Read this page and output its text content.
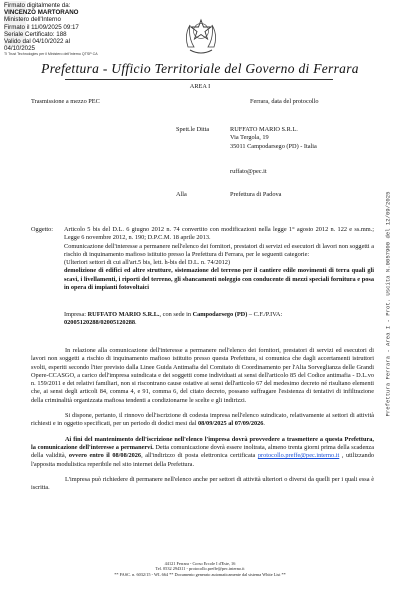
Firmato digitalmente da:
VINCENZO MARTORANO
Ministero dell'Interno
Firmato il 11/09/2025 09:17
Seriale Certificato: 188
Valido dal 04/10/2022 al 04/10/2025
TI Trust Technologies per il Ministero dell'Interno QTSP CA
Prefettura - Ufficio Territoriale del Governo di Ferrara
AREA I
Trasmissione a mezzo PEC	Ferrara, data del protocollo
Spett.le Ditta	RUFFATO MARIO S.R.L.
Via Tergola, 19
35011 Campodarsego (PD) - Italia
ruffato@pec.it
Alla	Prefettura di Padova
Oggetto: Articolo 5 bis del D.L. 6 giugno 2012 n. 74 convertito con modificazioni nella legge 1° agosto 2012 n. 122 e ss.mm.; Legge 6 novembre 2012, n. 190; D.P.C.M. 18 aprile 2013.

Comunicazione dell'interesse a permanere nell'elenco dei fornitori, prestatori di servizi ed esecutori di lavori non soggetti a rischio di inquinamento mafioso istituito presso la Prefettura di Ferrara, per le seguenti categorie:

(Ulteriori settori di cui all'art.5 bis, lett. h-bis del D.L. n. 74/2012)

demolizione di edifici ed altre strutture, sistemazione del terreno per il cantiere edile movimenti di terra quali gli scavi, i livellamenti, i riporti del terreno, gli sbancamenti noleggio con conducente di mezzi speciali fornitura e posa in opera di impianti fotovoltaici

Impresa: RUFFATO MARIO S.R.L., con sede in Campodarsego (PD) – C.F./P.IVA:
02005120288/02005120288.

In relazione alla comunicazione dell'interesse a permanere nell'elenco dei fornitori, prestatori di servizi ed esecutori di lavori non soggetti a rischio di inquinamento mafioso istituito presso questa Prefettura, si comunica che dagli accertamenti istruttori svolti, esperiti secondo l'iter previsto dalla Linee Guida Antimafia del Comitato di Coordinamento per l'Alta Sorveglianza delle Grandi Opere-CCASGO, a carico dell'impresa suindicata e dei soggetti come individuati ai sensi dell'articolo 85 del Codice antimafia - D.L.vo n. 159/2011 e dei relativi familiari, non si riscontrano cause ostative ai sensi dell'articolo 67 del medesimo decreto né risultano elementi che, ai sensi degli articoli 84, comma 4, e 91, comma 6, del citato decreto, possano suffragare l'esistenza di tentativi di infiltrazione della criminalità organizzata mafiosa tendenti a condizionarne le scelte e gli indirizzi.

Si dispone, pertanto, il rinnovo dell'iscrizione di codesta impresa nell'elenco suindicato, relativamente ai settori di attività richiesti e in oggetto specificati, per un periodo di dodici mesi dal 08/09/2025 al 07/09/2026.

Ai fini del mantenimento dell'iscrizione nell'elenco l'impresa dovrà provvedere a trasmettere a questa Prefettura, la comunicazione dell'interesse a permanervi. Detta comunicazione dovrà essere inoltrata, almeno trenta giorni prima della scadenza della validità, ovvero entro il 08/08/2026, all'indirizzo di posta elettronica certificata protocollo.preffe@pec.interno.it , utilizzando l'apposita modulistica reperibile nel sito internet della Prefettura.

L'impresa può richiedere di permanere nell'elenco anche per settori di attività ulteriori o diversi da quelli per i quali essa è iscritta.

44121 Ferrara - Corso Ercole I d'Este, 16
Tel. 0532 294311 - protocollo.preffe@pec.interno.it
** FASC. n. 6032/15 - WL 664 ** Documento generato automaticamente dal sistema White List **
Prefettura Ferrara - Area I - Prot. Uscita N.0057900 del 12/09/2025
